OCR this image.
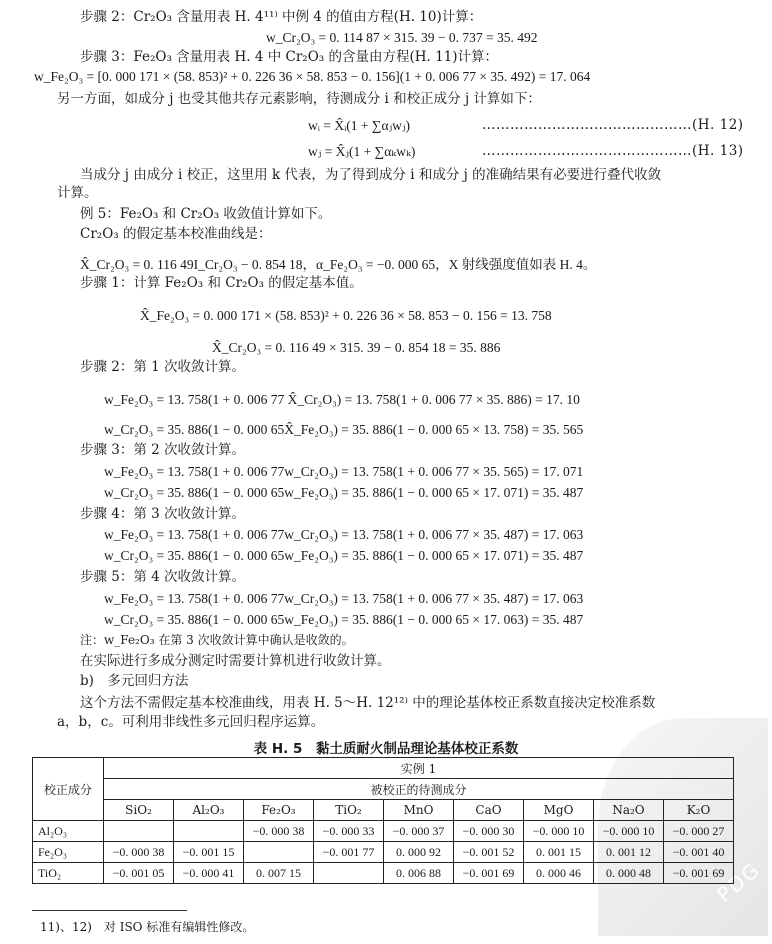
步骤 2：Cr₂O₃ 含量用表 H. 4¹¹⁾ 中例 4 的值由方程(H. 10)计算：
w_Cr₂O₃ = 0. 114 87 × 315. 39 − 0. 737 = 35. 492
步骤 3：Fe₂O₃ 含量用表 H. 4 中 Cr₂O₃ 的含量由方程(H. 11)计算：
w_Fe₂O₃ = [0. 000 171 × (58. 853)² + 0. 226 36 × 58. 853 − 0. 156](1 + 0. 006 77 × 35. 492) = 17. 064
另一方面，如成分 j 也受其他共存元素影响，待测成分 i 和校正成分 j 计算如下：
wᵢ = X̂ᵢ(1 + ∑αⱼwⱼ)	………………………………………(H. 12)
wⱼ = X̂ⱼ(1 + ∑αₖwₖ)	………………………………………(H. 13)
当成分 j 由成分 i 校正，这里用 k 代表，为了得到成分 i 和成分 j 的准确结果有必要进行叠代收敛
计算。
例 5：Fe₂O₃ 和 Cr₂O₃ 收敛值计算如下。
Cr₂O₃ 的假定基本校准曲线是：
X̂_Cr₂O₃ = 0. 116 49I_Cr₂O₃ − 0. 854 18，α_Fe₂O₃ = −0. 000 65，X 射线强度值如表 H. 4。
步骤 1：计算 Fe₂O₃ 和 Cr₂O₃ 的假定基本值。
X̂_Fe₂O₃ = 0. 000 171 × (58. 853)² + 0. 226 36 × 58. 853 − 0. 156 = 13. 758
X̂_Cr₂O₃ = 0. 116 49 × 315. 39 − 0. 854 18 = 35. 886
步骤 2：第 1 次收敛计算。
w_Fe₂O₃ = 13. 758(1 + 0. 006 77 X̂_Cr₂O₃) = 13. 758(1 + 0. 006 77 × 35. 886) = 17. 10
w_Cr₂O₃ = 35. 886(1 − 0. 000 65X̂_Fe₂O₃) = 35. 886(1 − 0. 000 65 × 13. 758) = 35. 565
步骤 3：第 2 次收敛计算。
w_Fe₂O₃ = 13. 758(1 + 0. 006 77w_Cr₂O₃) = 13. 758(1 + 0. 006 77 × 35. 565) = 17. 071
w_Cr₂O₃ = 35. 886(1 − 0. 000 65w_Fe₂O₃) = 35. 886(1 − 0. 000 65 × 17. 071) = 35. 487
步骤 4：第 3 次收敛计算。
w_Fe₂O₃ = 13. 758(1 + 0. 006 77w_Cr₂O₃) = 13. 758(1 + 0. 006 77 × 35. 487) = 17. 063
w_Cr₂O₃ = 35. 886(1 − 0. 000 65w_Fe₂O₃) = 35. 886(1 − 0. 000 65 × 17. 071) = 35. 487
步骤 5：第 4 次收敛计算。
w_Fe₂O₃ = 13. 758(1 + 0. 006 77w_Cr₂O₃) = 13. 758(1 + 0. 006 77 × 35. 487) = 17. 063
w_Cr₂O₃ = 35. 886(1 − 0. 000 65w_Fe₂O₃) = 35. 886(1 − 0. 000 65 × 17. 063) = 35. 487
注：w_Fe₂O₃ 在第 3 次收敛计算中确认是收敛的。
在实际进行多成分测定时需要计算机进行收敛计算。
b)　多元回归方法
这个方法不需假定基本校准曲线，用表 H. 5～H. 12¹²⁾ 中的理论基体校正系数直接决定校准系数
a，b，c。可利用非线性多元回归程序运算。
PDG
表 H. 5　黏土质耐火制品理论基体校正系数
校正成分	实例 1								
	被校正的待测成分								
	SiO₂	Al₂O₃	Fe₂O₃	TiO₂	MnO	CaO	MgO	Na₂O	K₂O
Al₂O₃			−0. 000 38	−0. 000 33	−0. 000 37	−0. 000 30	−0. 000 10	−0. 000 10	−0. 000 27
Fe₂O₃	−0. 000 38	−0. 001 15		−0. 001 77	0. 000 92	−0. 001 52	0. 001 15	0. 001 12	−0. 001 40
TiO₂	−0. 001 05	−0. 000 41	0. 007 15		0. 006 88	−0. 001 69	0. 000 46	0. 000 48	−0. 001 69
11)、12)　对 ISO 标准有编辑性修改。
